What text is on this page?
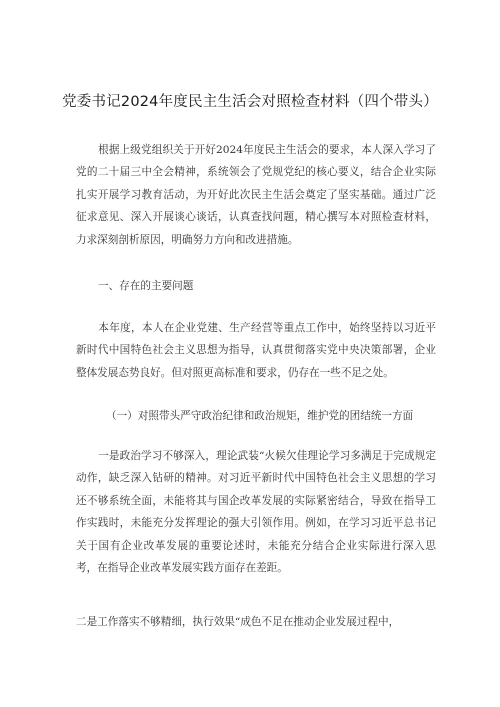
党委书记2024年度民主生活会对照检查材料（四个带头）
根据上级党组织关于开好2024年度民主生活会的要求，本人深入学习了党的二十届三中全会精神，系统领会了党规党纪的核心要义，结合企业实际扎实开展学习教育活动，为开好此次民主生活会奠定了坚实基础。通过广泛征求意见、深入开展谈心谈话，认真查找问题，精心撰写本对照检查材料，力求深刻剖析原因，明确努力方向和改进措施。
一、存在的主要问题
本年度，本人在企业党建、生产经营等重点工作中，始终坚持以习近平新时代中国特色社会主义思想为指导，认真贯彻落实党中央决策部署，企业整体发展态势良好。但对照更高标准和要求，仍存在一些不足之处。
（一）对照带头严守政治纪律和政治规矩，维护党的团结统一方面
一是政治学习不够深入，理论武装“火候欠佳理论学习多满足于完成规定动作，缺乏深入钻研的精神。对习近平新时代中国特色社会主义思想的学习还不够系统全面，未能将其与国企改革发展的实际紧密结合，导致在指导工作实践时，未能充分发挥理论的强大引领作用。例如，在学习习近平总书记关于国有企业改革发展的重要论述时，未能充分结合企业实际进行深入思考，在指导企业改革发展实践方面存在差距。
二是工作落实不够精细，执行效果“成色不足在推动企业发展过程中，
